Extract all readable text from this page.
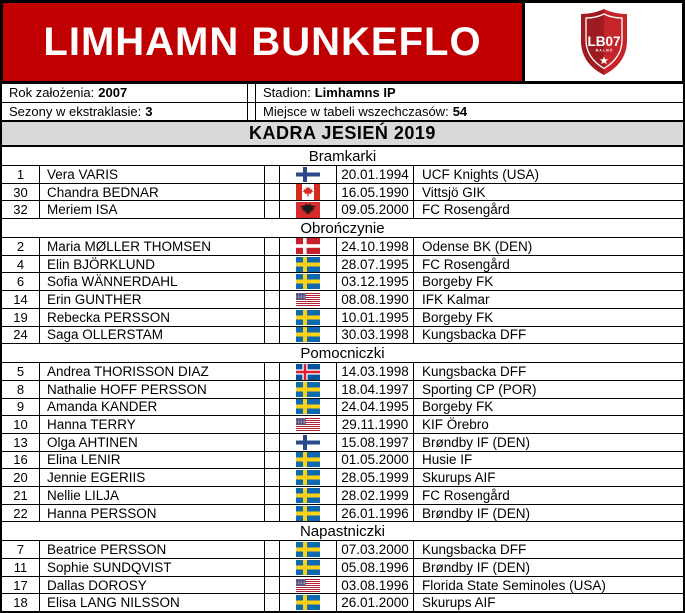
LIMHAMN BUNKEFLO	LB07
MALMÖ
Rok założenia: 2007	Stadion: Limhamns IP
Sezony w ekstraklasie: 3	Miejsce w tabeli wszechczasów: 54
KADRA JESIEŃ 2019
Bramkarki
1	Vera VARIS	20.01.1994 UCF Knights (USA)
30	Chandra BEDNAR	16.05.1990 Vittsjö GIK
32	Meriem ISA	09.05.2000 FC Rosengård
Obrończynie
2	Maria MØLLER THOMSEN	24.10.1998 Odense BK (DEN)
4	Elin BJÖRKLUND	28.07.1995 FC Rosengård
6	Sofia WÄNNERDAHL	03.12.1995 Borgeby FK
14	Erin GUNTHER	08.08.1990 IFK Kalmar
19	Rebecka PERSSON	10.01.1995 Borgeby FK
24	Saga OLLERSTAM	30.03.1998 Kungsbacka DFF
Pomocniczki
5	Andrea THORISSON DIAZ	14.03.1998 Kungsbacka DFF
8	Nathalie HOFF PERSSON	18.04.1997 Sporting CP (POR)
9	Amanda KANDER	24.04.1995 Borgeby FK
10	Hanna TERRY	29.11.1990	KIF Örebro
13	Olga AHTINEN	15.08.1997 Brøndby IF (DEN)
16	Elina LENIR	01.05.2000 Husie IF
20	Jennie EGERIIS	28.05.1999 Skurups AIF
21	Nellie LILJA	28.02.1999 FC Rosengård
22	Hanna PERSSON	26.01.1996 Brøndby IF (DEN)
Napastniczki
7	Beatrice PERSSON	07.03.2000 Kungsbacka DFF
11	Sophie SUNDQVIST	05.08.1996 Brøndby IF (DEN)
17	Dallas DOROSY	03.08.1996 Florida State Seminoles (USA)
18	Elisa LANG NILSSON	26.01.2000 Skurups AIF
